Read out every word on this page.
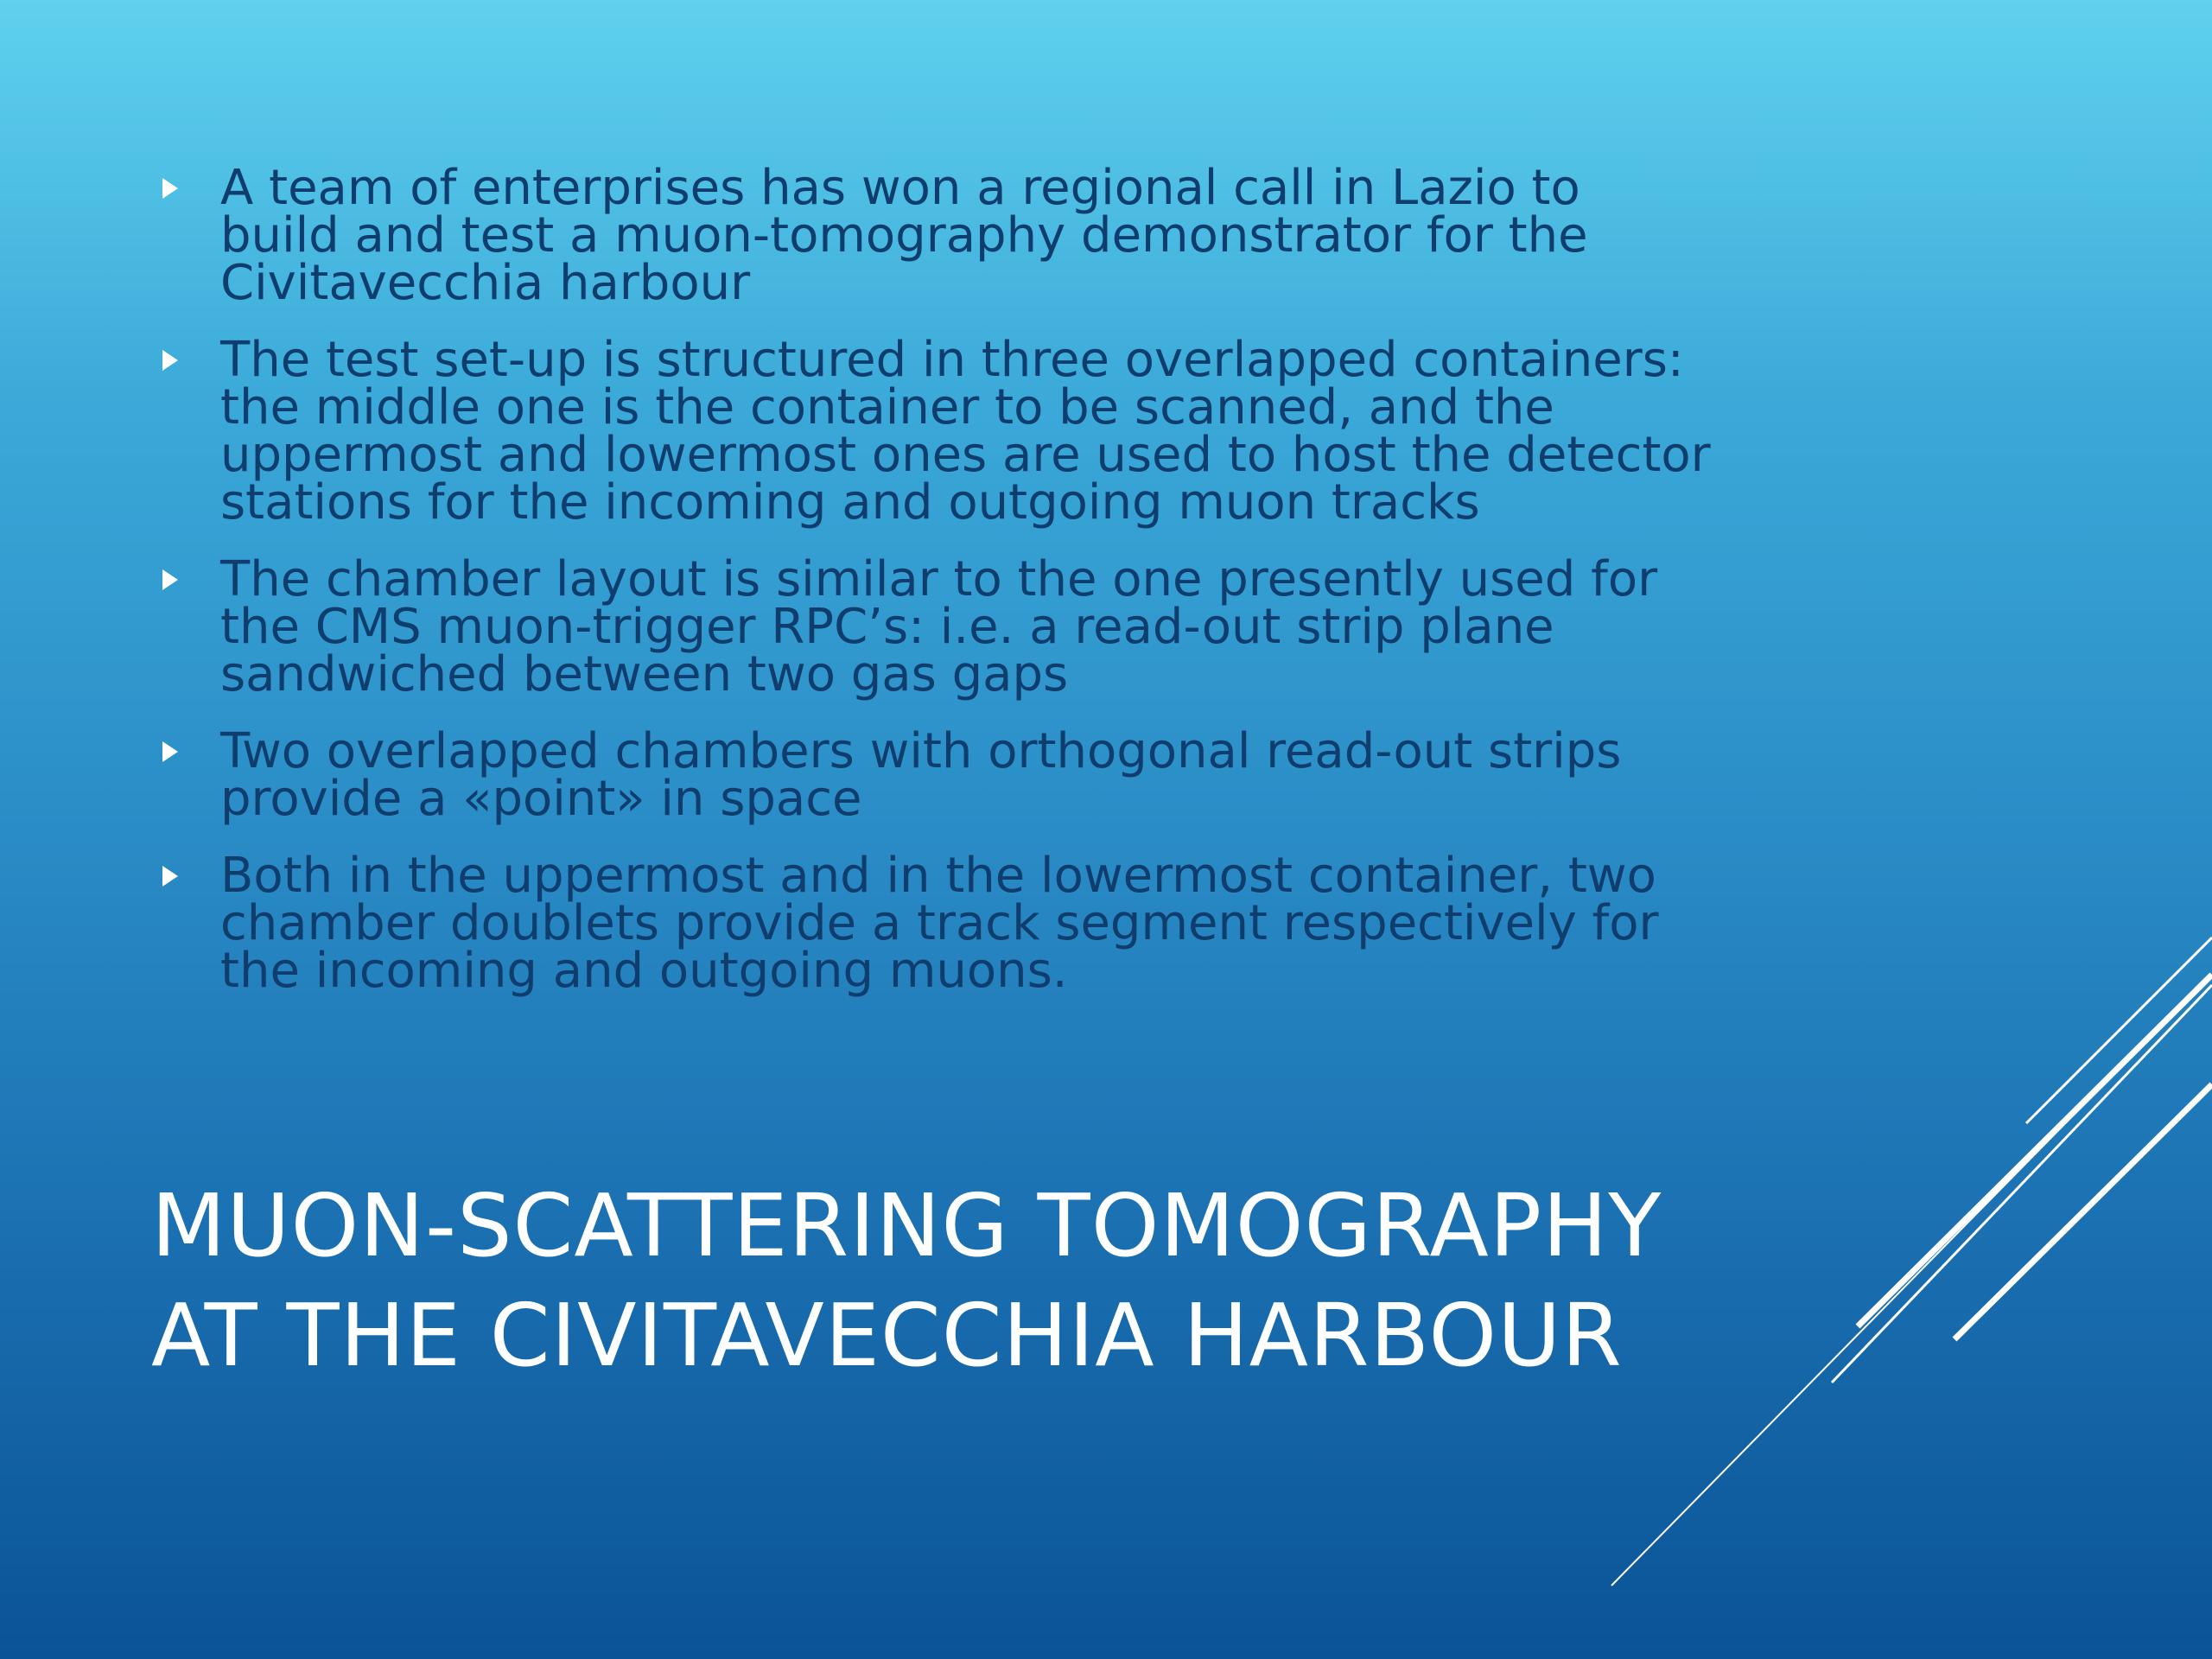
A team of enterprises has won a regional call in Lazio to build and test a muon-tomography demonstrator for the Civitavecchia harbour
The test set-up is structured in three overlapped containers: the middle one is the container to be scanned, and the uppermost and lowermost ones are used to host the detector stations for the incoming and outgoing muon tracks
The chamber layout is similar to the one presently used for the CMS muon-trigger RPC’s: i.e. a read-out strip plane sandwiched between two gas gaps
Two overlapped chambers with orthogonal read-out strips provide a «point» in space
Both in the uppermost and in the lowermost container, two chamber doublets provide a track segment respectively for the incoming and outgoing muons.
MUON-SCATTERING TOMOGRAPHY
AT THE CIVITAVECCHIA HARBOUR
